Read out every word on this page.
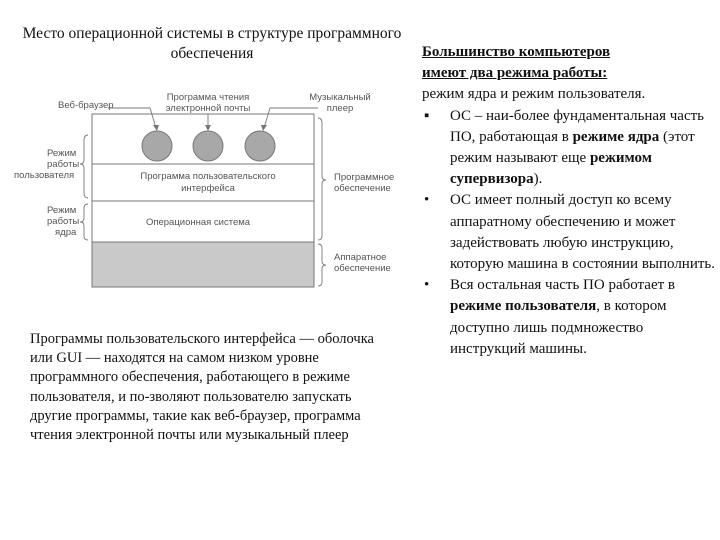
Место операционной системы в структуре программного обеспечения
Веб-браузер
Программа чтения
электронной почты
Музыкальный
плеер
Программа пользовательского
интерфейса
Операционная система
Режим
работы
пользователя
Режим
работы
ядра
Программное
обеспечение
Аппаратное
обеспечение
Программы пользовательского интерфейса — оболочка или GUI — находятся на самом низком уровне программного обеспечения, работающего в режиме пользователя, и по-зволяют пользователю запускать другие программы, такие как веб-браузер, программа чтения электронной почты или музыкальный плеер
Большинство компьютеров
имеют два режима работы:
режим ядра и режим пользователя.
▪ ОС – наи-более фундаментальная часть ПО, работающая в режиме ядра (этот режим называют еще режимом супервизора).
• ОС имеет полный доступ ко всему аппаратному обеспечению и может задействовать любую инструкцию, которую машина в состоянии выполнить.
• Вся остальная часть ПО работает в режиме пользователя, в котором доступно лишь подмножество инструкций машины.
